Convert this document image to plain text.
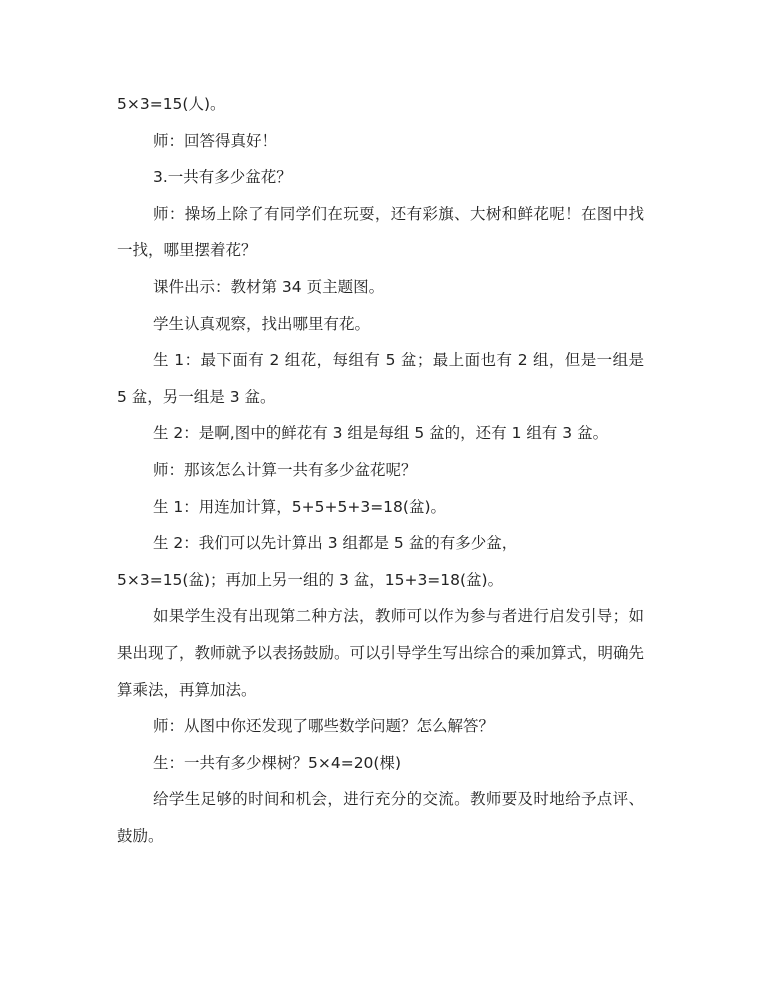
5×3=15(人)。

师：回答得真好！

3.一共有多少盆花？

师：操场上除了有同学们在玩耍，还有彩旗、大树和鲜花呢！在图中找一找，哪里摆着花？

课件出示：教材第 34 页主题图。

学生认真观察，找出哪里有花。

生 1：最下面有 2 组花，每组有 5 盆；最上面也有 2 组，但是一组是 5 盆，另一组是 3 盆。

生 2：是啊,图中的鲜花有 3 组是每组 5 盆的，还有 1 组有 3 盆。

师：那该怎么计算一共有多少盆花呢？

生 1：用连加计算，5+5+5+3=18(盆)。

生 2：我们可以先计算出 3 组都是 5 盆的有多少盆，

5×3=15(盆)；再加上另一组的 3 盆，15+3=18(盆)。

如果学生没有出现第二种方法，教师可以作为参与者进行启发引导；如果出现了，教师就予以表扬鼓励。可以引导学生写出综合的乘加算式，明确先算乘法，再算加法。

师：从图中你还发现了哪些数学问题？怎么解答？

生：一共有多少棵树？5×4=20(棵)

给学生足够的时间和机会，进行充分的交流。教师要及时地给予点评、鼓励。
